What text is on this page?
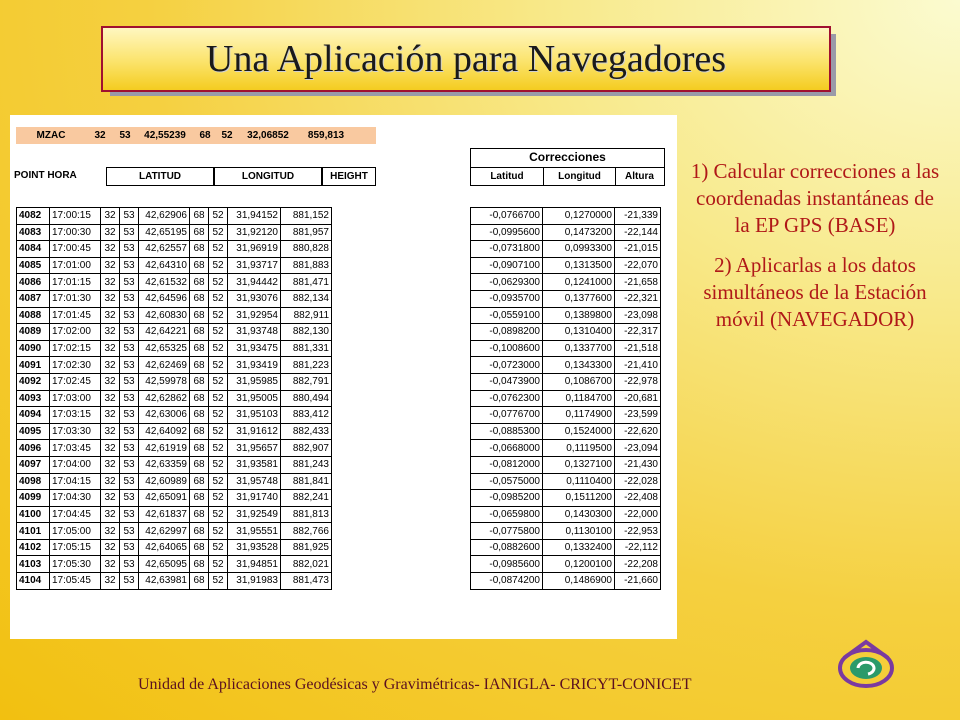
Una Aplicación para Navegadores
MZAC	32	53	42,55239	68	52	32,06852	859,813
POINT HORA	LATITUD	LONGITUD	HEIGHT
Correcciones
Latitud	Longitud	Altura
4082	17:00:15	32	53	42,62906	68	52	31,94152	881,152
4083	17:00:30	32	53	42,65195	68	52	31,92120	881,957
4084	17:00:45	32	53	42,62557	68	52	31,96919	880,828
4085	17:01:00	32	53	42,64310	68	52	31,93717	881,883
4086	17:01:15	32	53	42,61532	68	52	31,94442	881,471
4087	17:01:30	32	53	42,64596	68	52	31,93076	882,134
4088	17:01:45	32	53	42,60830	68	52	31,92954	882,911
4089	17:02:00	32	53	42,64221	68	52	31,93748	882,130
4090	17:02:15	32	53	42,65325	68	52	31,93475	881,331
4091	17:02:30	32	53	42,62469	68	52	31,93419	881,223
4092	17:02:45	32	53	42,59978	68	52	31,95985	882,791
4093	17:03:00	32	53	42,62862	68	52	31,95005	880,494
4094	17:03:15	32	53	42,63006	68	52	31,95103	883,412
4095	17:03:30	32	53	42,64092	68	52	31,91612	882,433
4096	17:03:45	32	53	42,61919	68	52	31,95657	882,907
4097	17:04:00	32	53	42,63359	68	52	31,93581	881,243
4098	17:04:15	32	53	42,60989	68	52	31,95748	881,841
4099	17:04:30	32	53	42,65091	68	52	31,91740	882,241
4100	17:04:45	32	53	42,61837	68	52	31,92549	881,813
4101	17:05:00	32	53	42,62997	68	52	31,95551	882,766
4102	17:05:15	32	53	42,64065	68	52	31,93528	881,925
4103	17:05:30	32	53	42,65095	68	52	31,94851	882,021
4104	17:05:45	32	53	42,63981	68	52	31,91983	881,473
-0,0766700	0,1270000	-21,339
-0,0995600	0,1473200	-22,144
-0,0731800	0,0993300	-21,015
-0,0907100	0,1313500	-22,070
-0,0629300	0,1241000	-21,658
-0,0935700	0,1377600	-22,321
-0,0559100	0,1389800	-23,098
-0,0898200	0,1310400	-22,317
-0,1008600	0,1337700	-21,518
-0,0723000	0,1343300	-21,410
-0,0473900	0,1086700	-22,978
-0,0762300	0,1184700	-20,681
-0,0776700	0,1174900	-23,599
-0,0885300	0,1524000	-22,620
-0,0668000	0,1119500	-23,094
-0,0812000	0,1327100	-21,430
-0,0575000	0,1110400	-22,028
-0,0985200	0,1511200	-22,408
-0,0659800	0,1430300	-22,000
-0,0775800	0,1130100	-22,953
-0,0882600	0,1332400	-22,112
-0,0985600	0,1200100	-22,208
-0,0874200	0,1486900	-21,660

1) Calcular correcciones a las coordenadas instantáneas de la EP GPS (BASE)

2) Aplicarlas a los datos simultáneos de la Estación móvil (NAVEGADOR)

Unidad de Aplicaciones Geodésicas y Gravimétricas- IANIGLA- CRICYT-CONICET
